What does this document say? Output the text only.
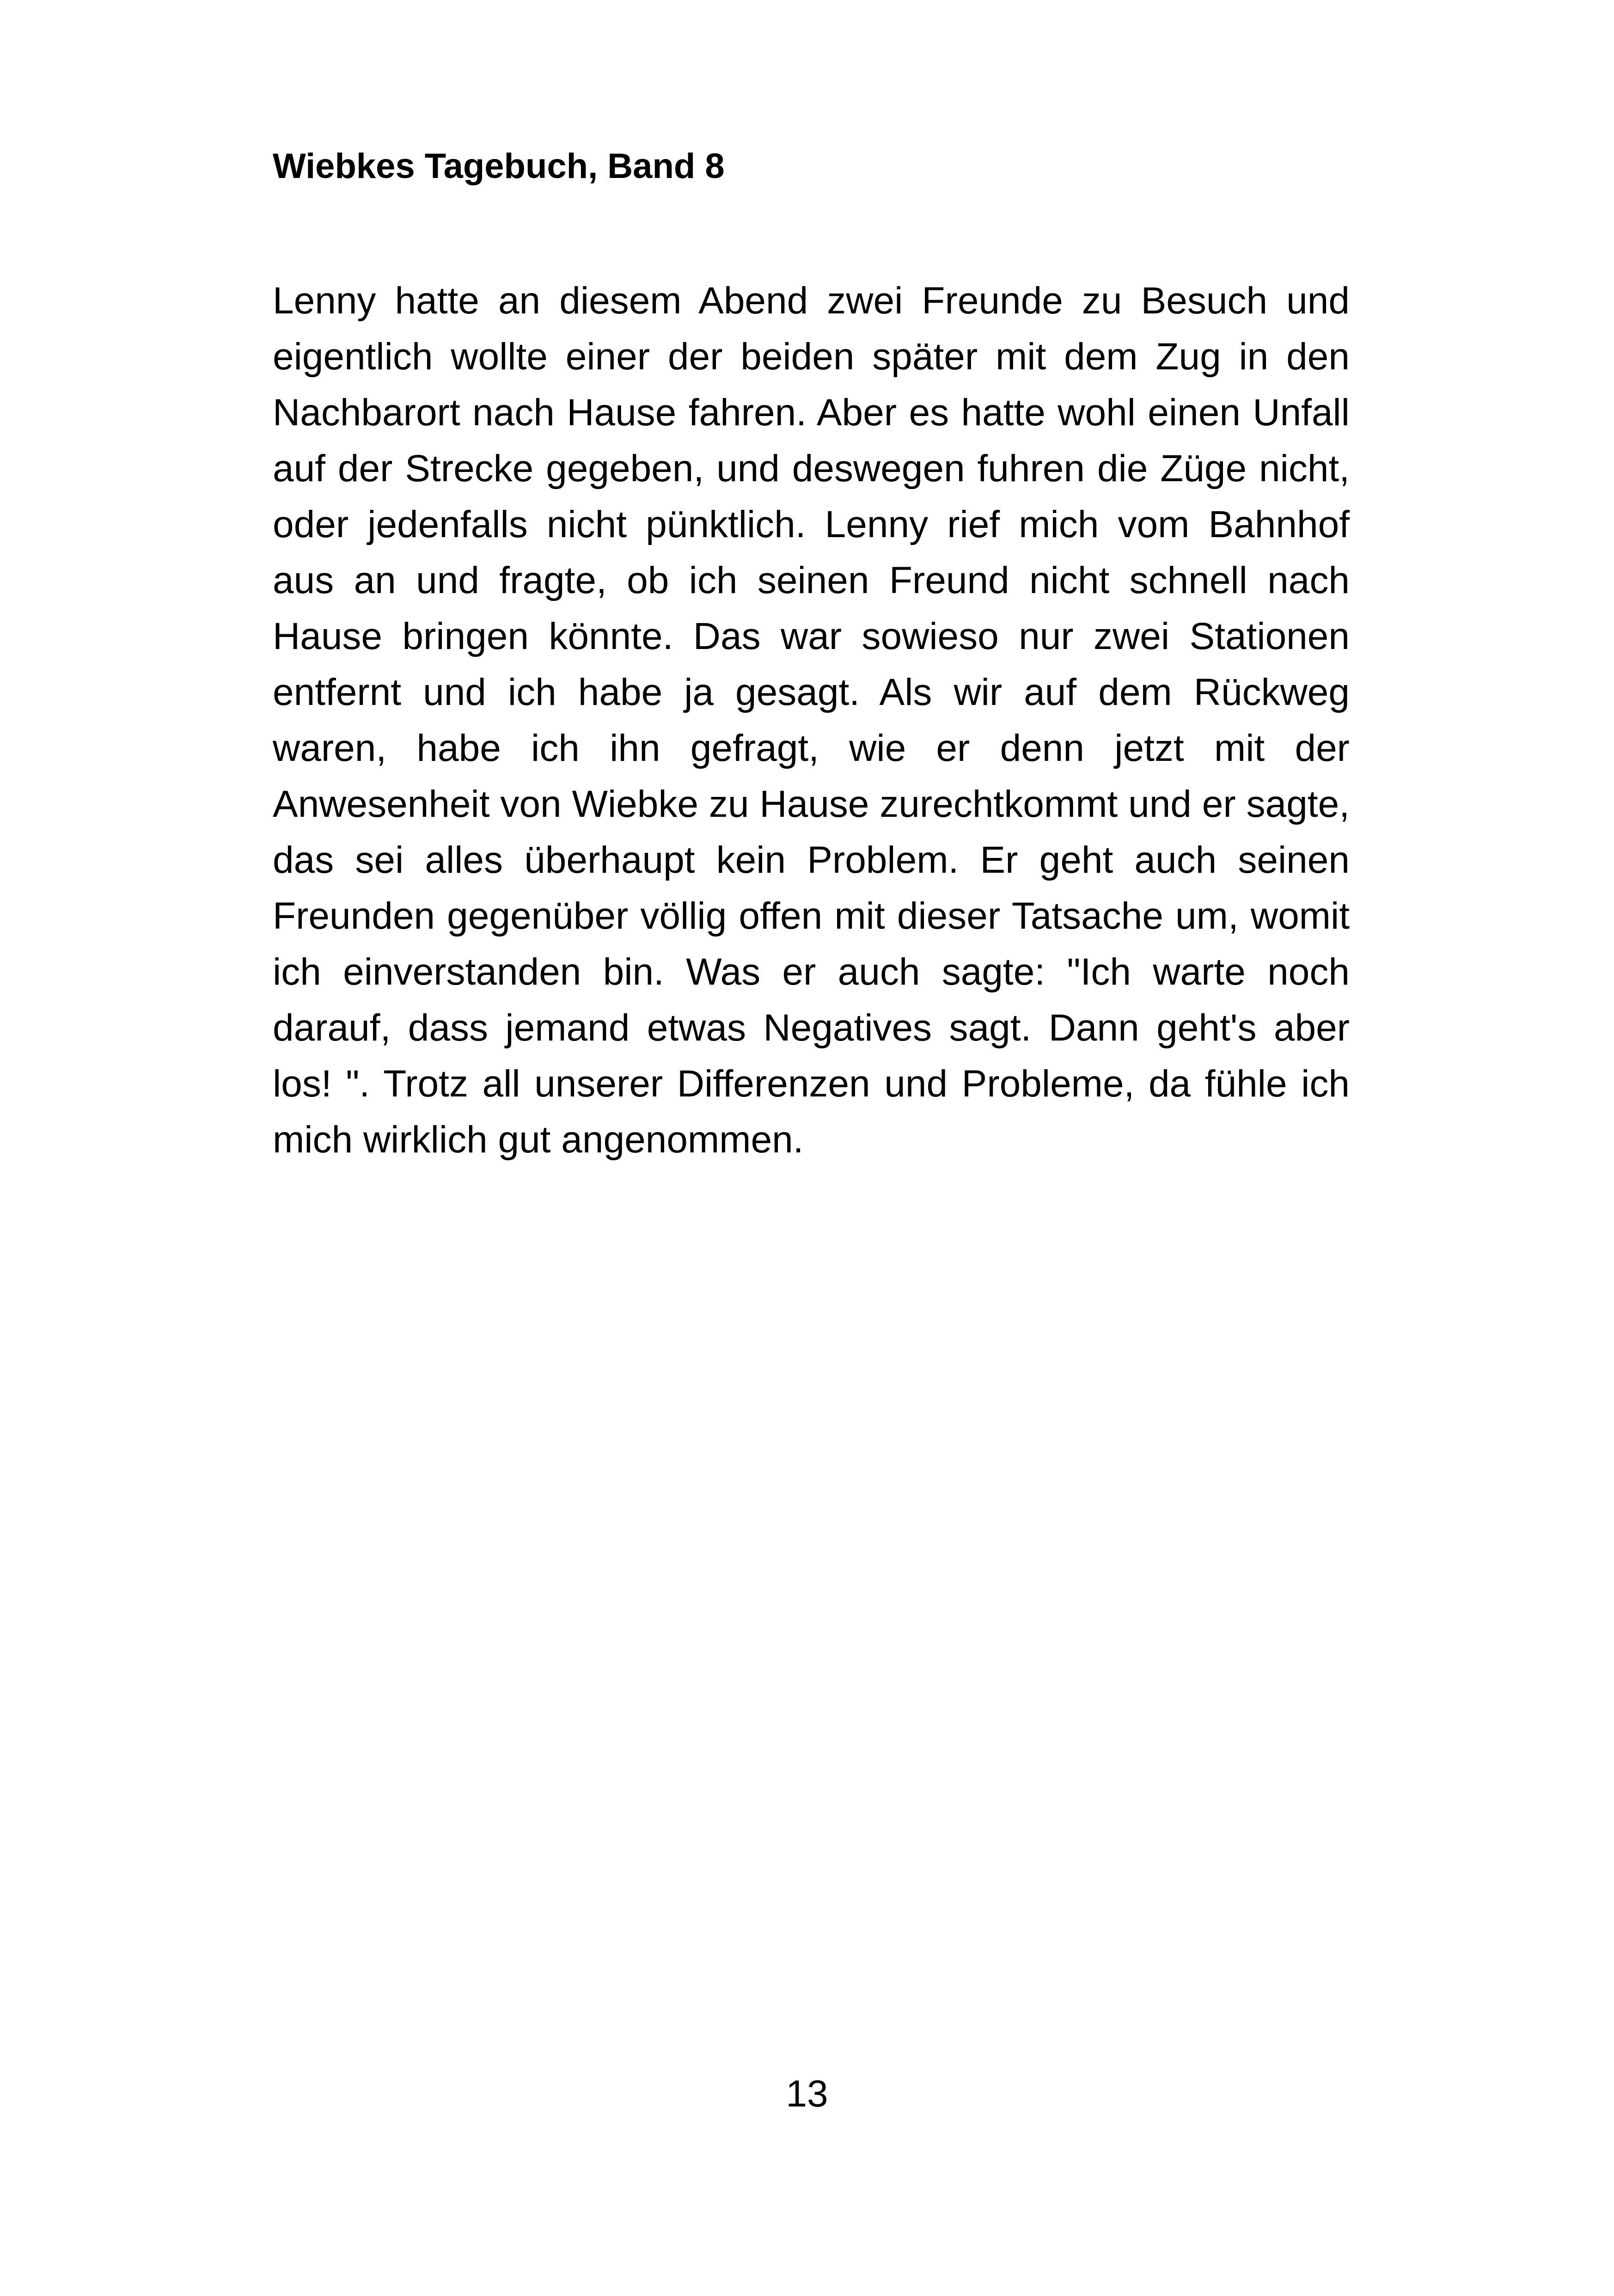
Wiebkes Tagebuch, Band 8

Lenny hatte an diesem Abend zwei Freunde zu Besuch und eigentlich wollte einer der beiden später mit dem Zug in den Nachbarort nach Hause fahren. Aber es hatte wohl einen Unfall auf der Strecke gegeben, und deswegen fuhren die Züge nicht, oder jedenfalls nicht pünktlich. Lenny rief mich vom Bahnhof aus an und fragte, ob ich seinen Freund nicht schnell nach Hause bringen könnte. Das war sowieso nur zwei Stationen entfernt und ich habe ja gesagt. Als wir auf dem Rückweg waren, habe ich ihn gefragt, wie er denn jetzt mit der Anwesenheit von Wiebke zu Hause zurechtkommt und er sagte, das sei alles überhaupt kein Problem. Er geht auch seinen Freunden gegenüber völlig offen mit dieser Tatsache um, womit ich einverstanden bin. Was er auch sagte: "Ich warte noch darauf, dass jemand etwas Negatives sagt. Dann geht's aber los! ". Trotz all unserer Differenzen und Probleme, da fühle ich mich wirklich gut angenommen.

13
